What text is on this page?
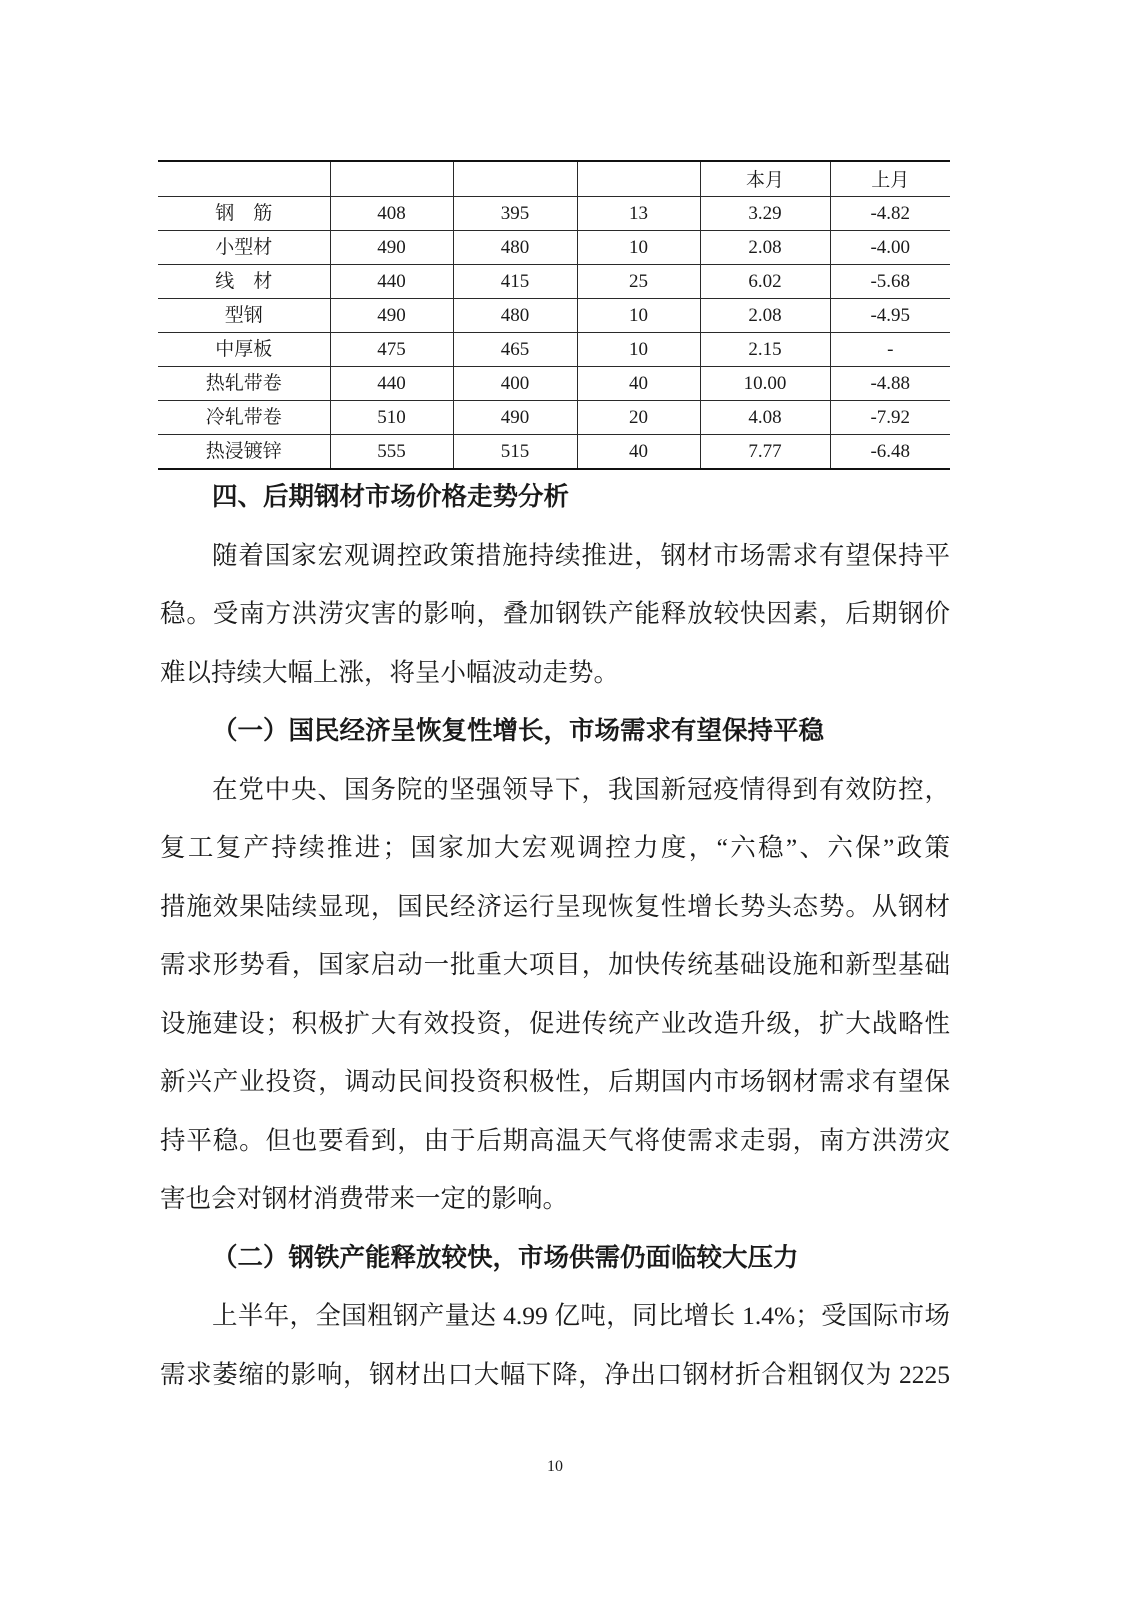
				本月	上月
钢　筋	408	395	13	3.29	-4.82
小型材	490	480	10	2.08	-4.00
线　材	440	415	25	6.02	-5.68
型钢	490	480	10	2.08	-4.95
中厚板	475	465	10	2.15	-
热轧带卷	440	400	40	10.00	-4.88
冷轧带卷	510	490	20	4.08	-7.92
热浸镀锌	555	515	40	7.77	-6.48
四、后期钢材市场价格走势分析
随着国家宏观调控政策措施持续推进，钢材市场需求有望保持平
稳。受南方洪涝灾害的影响，叠加钢铁产能释放较快因素，后期钢价
难以持续大幅上涨，将呈小幅波动走势。
（一）国民经济呈恢复性增长，市场需求有望保持平稳
在党中央、国务院的坚强领导下，我国新冠疫情得到有效防控，
复工复产持续推进；国家加大宏观调控力度，“六稳”、六保”政策
措施效果陆续显现，国民经济运行呈现恢复性增长势头态势。从钢材
需求形势看，国家启动一批重大项目，加快传统基础设施和新型基础
设施建设；积极扩大有效投资，促进传统产业改造升级，扩大战略性
新兴产业投资，调动民间投资积极性，后期国内市场钢材需求有望保
持平稳。但也要看到，由于后期高温天气将使需求走弱，南方洪涝灾
害也会对钢材消费带来一定的影响。
（二）钢铁产能释放较快，市场供需仍面临较大压力
上半年，全国粗钢产量达 4.99 亿吨，同比增长 1.4%；受国际市场
需求萎缩的影响，钢材出口大幅下降，净出口钢材折合粗钢仅为 2225
10
